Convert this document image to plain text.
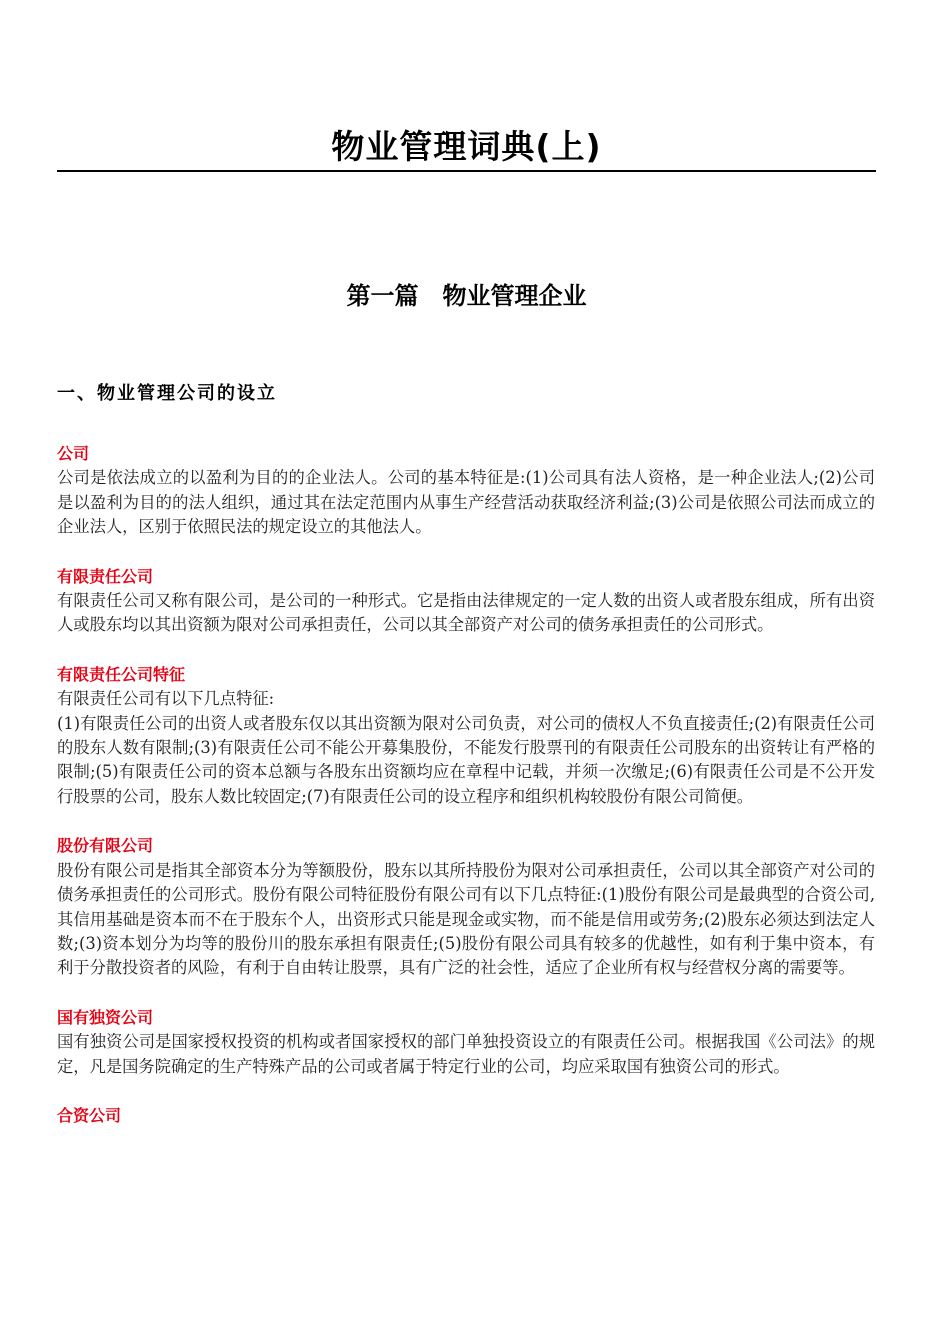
物业管理词典(上)
第一篇　物业管理企业
一、物业管理公司的设立
公司

公司是依法成立的以盈利为目的的企业法人。公司的基本特征是:(1)公司具有法人资格，是一种企业法人;(2)公司是以盈利为目的的法人组织，通过其在法定范围内从事生产经营活动获取经济利益;(3)公司是依照公司法而成立的企业法人，区别于依照民法的规定设立的其他法人。

有限责任公司

有限责任公司又称有限公司，是公司的一种形式。它是指由法律规定的一定人数的出资人或者股东组成，所有出资人或股东均以其出资额为限对公司承担责任，公司以其全部资产对公司的债务承担责任的公司形式。

有限责任公司特征

有限责任公司有以下几点特征:

(1)有限责任公司的出资人或者股东仅以其出资额为限对公司负责，对公司的债权人不负直接责任;(2)有限责任公司的股东人数有限制;(3)有限责任公司不能公开募集股份，不能发行股票刊的有限责任公司股东的出资转让有严格的限制;(5)有限责任公司的资本总额与各股东出资额均应在章程中记载，并须一次缴足;(6)有限责任公司是不公开发行股票的公司，股东人数比较固定;(7)有限责任公司的设立程序和组织机构较股份有限公司简便。

股份有限公司

股份有限公司是指其全部资本分为等额股份，股东以其所持股份为限对公司承担责任，公司以其全部资产对公司的债务承担责任的公司形式。股份有限公司特征股份有限公司有以下几点特征:(1)股份有限公司是最典型的合资公司,其信用基础是资本而不在于股东个人，出资形式只能是现金或实物，而不能是信用或劳务;(2)股东必须达到法定人数;(3)资本划分为均等的股份川的股东承担有限责任;(5)股份有限公司具有较多的优越性，如有利于集中资本，有利于分散投资者的风险，有利于自由转让股票，具有广泛的社会性，适应了企业所有权与经营权分离的需要等。

国有独资公司

国有独资公司是国家授权投资的机构或者国家授权的部门单独投资设立的有限责任公司。根据我国《公司法》的规定，凡是国务院确定的生产特殊产品的公司或者属于特定行业的公司，均应采取国有独资公司的形式。

合资公司
